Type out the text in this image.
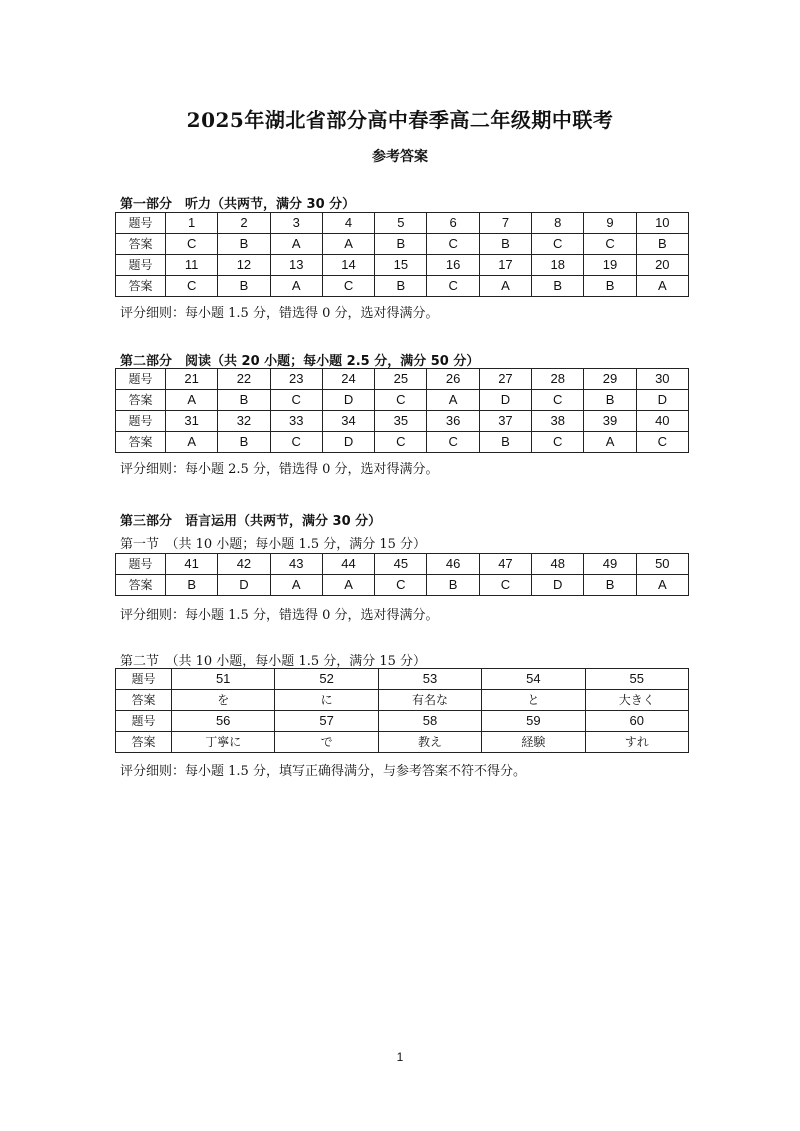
2025年湖北省部分高中春季高二年级期中联考
参考答案
第一部分　听力（共两节，满分 30 分）
题号	1	2	3	4	5	6	7	8	9	10
答案	C	B	A	A	B	C	B	C	C	B
题号	11	12	13	14	15	16	17	18	19	20
答案	C	B	A	C	B	C	A	B	B	A
评分细则：每小题 1.5 分，错选得 0 分，选对得满分。
第二部分　阅读（共 20 小题；每小题 2.5 分，满分 50 分）
题号	21	22	23	24	25	26	27	28	29	30
答案	A	B	C	D	C	A	D	C	B	D
题号	31	32	33	34	35	36	37	38	39	40
答案	A	B	C	D	C	C	B	C	A	C
评分细则：每小题 2.5 分，错选得 0 分，选对得满分。
第三部分　语言运用（共两节，满分 30 分）
第一节　（共 10 小题；每小题 1.5 分，满分 15 分）
题号	41	42	43	44	45	46	47	48	49	50
答案	B	D	A	A	C	B	C	D	B	A
评分细则：每小题 1.5 分，错选得 0 分，选对得满分。
第二节　（共 10 小题，每小题 1.5 分，满分 15 分）
题号	51	52	53	54	55
答案	を	に	有名な	と	大きく
题号	56	57	58	59	60
答案	丁寧に	で	教え	経験	すれ
评分细则：每小题 1.5 分，填写正确得满分，与参考答案不符不得分。
1
